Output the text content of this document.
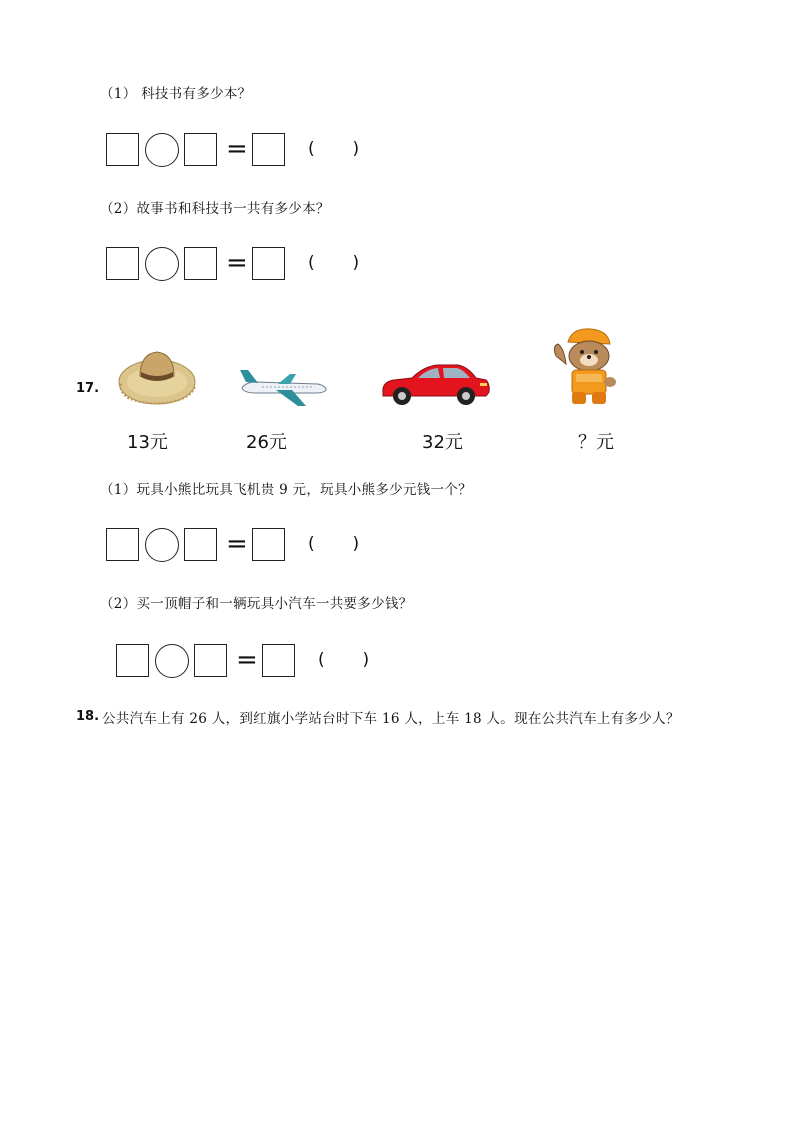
（1） 科技书有多少本？
=	(       )
（2）故事书和科技书一共有多少本？
=	(       )
17.
13元	26元	32元	？元
（1）玩具小熊比玩具飞机贵 9 元，玩具小熊多少元钱一个？
=	(       )
（2）买一顶帽子和一辆玩具小汽车一共要多少钱？
=	(       )
18. 公共汽车上有 26 人，到红旗小学站台时下车 16 人，上车 18 人。现在公共汽车上有多少人？
